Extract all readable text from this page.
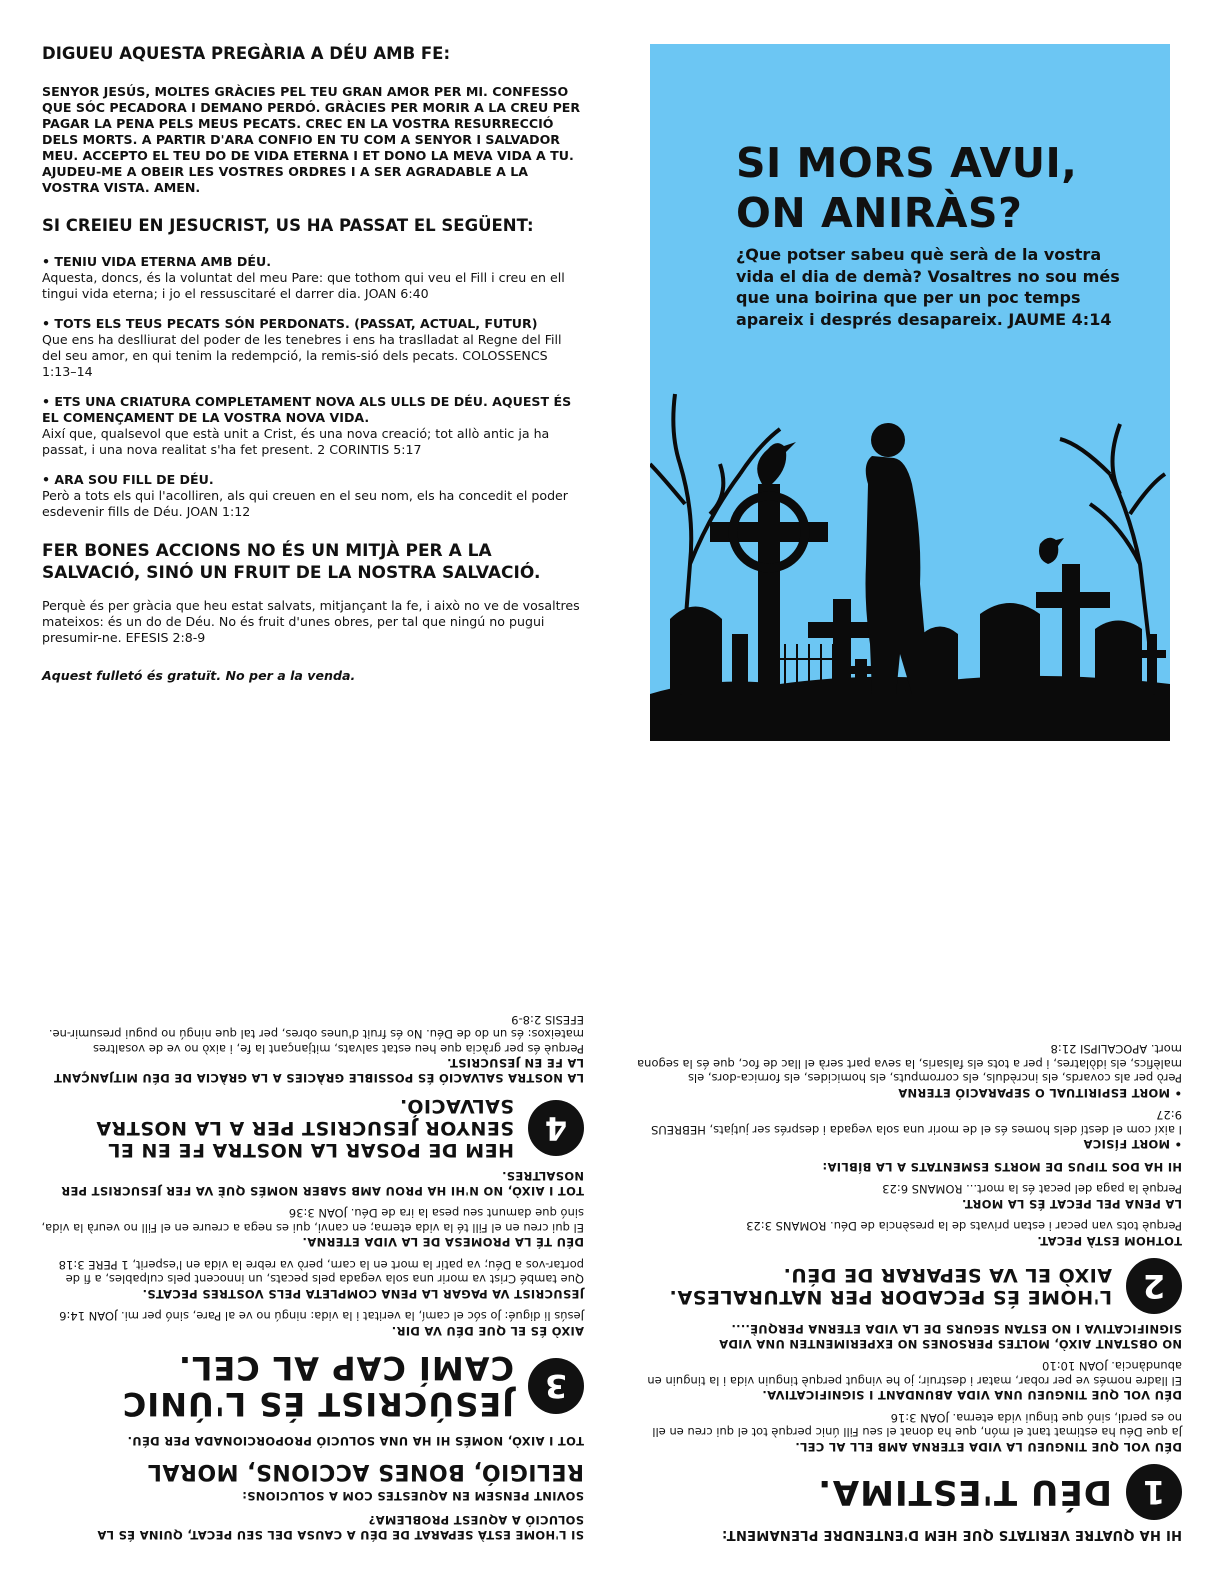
DIGUEU AQUESTA PREGÀRIA A DÉU AMB FE:
SENYOR JESÚS, MOLTES GRÀCIES PEL TEU GRAN AMOR PER MI. CONFESSO QUE SÓC PECADORA I DEMANO PERDÓ. GRÀCIES PER MORIR A LA CREU PER PAGAR LA PENA PELS MEUS PECATS. CREC EN LA VOSTRA RESURRECCIÓ DELS MORTS. A PARTIR D'ARA CONFIO EN TU COM A SENYOR I SALVADOR MEU. ACCEPTO EL TEU DO DE VIDA ETERNA I ET DONO LA MEVA VIDA A TU. AJUDEU-ME A OBEIR LES VOSTRES ORDRES I A SER AGRADABLE A LA VOSTRA VISTA. AMEN.
SI CREIEU EN JESUCRIST, US HA PASSAT EL SEGÜENT:
• TENIU VIDA ETERNA AMB DÉU.
Aquesta, doncs, és la voluntat del meu Pare: que tothom qui veu el Fill i creu en ell tingui vida eterna; i jo el ressuscitaré el darrer dia. JOAN 6:40
• TOTS ELS TEUS PECATS SÓN PERDONATS. (PASSAT, ACTUAL, FUTUR)
Que ens ha deslliurat del poder de les tenebres i ens ha traslladat al Regne del Fill del seu amor, en qui tenim la redempció, la remis-sió dels pecats. COLOSSENCS 1:13–14
• ETS UNA CRIATURA COMPLETAMENT NOVA ALS ULLS DE DÉU. AQUEST ÉS EL COMENÇAMENT DE LA VOSTRA NOVA VIDA.
Així que, qualsevol que està unit a Crist, és una nova creació; tot allò antic ja ha passat, i una nova realitat s'ha fet present. 2 CORINTIS 5:17
• ARA SOU FILL DE DÉU.
Però a tots els qui l'acolliren, als qui creuen en el seu nom, els ha concedit el poder esdevenir fills de Déu. JOAN 1:12
FER BONES ACCIONS NO ÉS UN MITJÀ PER A LA SALVACIÓ, SINÓ UN FRUIT DE LA NOSTRA SALVACIÓ.
Perquè és per gràcia que heu estat salvats, mitjançant la fe, i això no ve de vosaltres mateixos: és un do de Déu. No és fruit d'unes obres, per tal que ningú no pugui presumir-ne. EFESIS 2:8-9
Aquest fulletó és gratuït. No per a la venda.
SI MORS AVUI,
ON ANIRÀS?
¿Que potser sabeu què serà de la vostra vida el dia de demà? Vosaltres no sou més que una boirina que per un poc temps apareix i després desapareix. JAUME 4:14
HI HA QUATRE VERITATS QUE HEM D'ENTENDRE PLENAMENT:
1
DÉU T'ESTIMA.
DÉU VOL QUE TINGUEU LA VIDA ETERNA AMB ELL AL CEL.
Ja que Déu ha estimat tant el món, que ha donat el seu Fill únic perquè tot el qui creu en ell no es perdi, sinó que tingui vida eterna. JOAN 3:16
DÉU VOL QUE TINGUEU UNA VIDA ABUNDANT I SIGNIFICATIVA.
El lladre només ve per robar, matar i destruir; jo he vingut perquè tinguin vida i la tinguin en abundància. JOAN 10:10
NO OBSTANT AIXÒ, MOLTES PERSONES NO EXPERIMENTEN UNA VIDA SIGNIFICATIVA I NO ESTAN SEGURS DE LA VIDA ETERNA PERQUÈ....
2
L'HOME ÉS PECADOR PER NATURALESA. AIXÒ EL VA SEPARAR DE DÉU.
TOTHOM ESTÀ PECAT.
Perquè tots van pecar i estan privats de la presència de Déu. ROMANS 3:23
LA PENA PEL PECAT ÉS LA MORT.
Perquè la paga del pecat és la mort... ROMANS 6:23
HI HA DOS TIPUS DE MORTS ESMENTATS A LA BÍBLIA:
• MORT FÍSICA
I així com el destí dels homes és el de morir una sola vegada i després ser jutjats, HEBREUS 9:27
• MORT ESPIRITUAL O SEPARACIÓ ETERNA
Però per als covards, els incrèduls, els corromputs, els homicides, els fornica-dors, els malèfics, els idòlatres, i per a tots els falsaris, la seva part serà el llac de foc, que és la segona mort. APOCALIPSI 21:8
SI L'HOME ESTÀ SEPARAT DE DÉU A CAUSA DEL SEU PECAT, QUINA ÉS LA SOLUCIÓ A AQUEST PROBLEMA?
SOVINT PENSEM EN AQUESTES COM A SOLUCIONS:
RELIGIÓ, BONES ACCIONS, MORAL
TOT I AIXÒ, NOMÉS HI HA UNA SOLUCIÓ PROPORCIONADA PER DÉU.
3
JESÚCRIST ÉS L'ÚNIC CAMÍ CAP AL CEL.
AIXÒ ÉS EL QUE DÉU VA DIR.
Jesús li digué: Jo sóc el camí, la veritat i la vida: ningú no ve al Pare, sinó per mi. JOAN 14:6
JESUCRIST VA PAGAR LA PENA COMPLETA PELS VOSTRES PECATS.
Que també Crist va morir una sola vegada pels pecats, un innocent pels culpables, a fi de portar-vos a Déu; va patir la mort en la carn, però va rebre la vida en l'esperit, 1 PERE 3:18
DÉU TÉ LA PROMESA DE LA VIDA ETERNA.
El qui creu en el Fill té la vida eterna; en canvi, qui es nega a creure en el Fill no veurà la vida, sinó que damunt seu pesa la ira de Déu. JOAN 3:36
TOT I AIXÒ, NO N'HI HA PROU AMB SABER NOMÉS QUÈ VA FER JESUCRIST PER NOSALTRES.
4
HEM DE POSAR LA NOSTRA FE EN EL SENYOR JESUCRIST PER A LA NOSTRA SALVACIÓ.
LA NOSTRA SALVACIÓ ÉS POSSIBLE GRÀCIES A LA GRÀCIA DE DÉU MITJANÇANT LA FE EN JESUCRIST.
Perquè és per gràcia que heu estat salvats, mitjançant la fe, i això no ve de vosaltres mateixos: és un do de Déu. No és fruit d'unes obres, per tal que ningú no pugui presumir-ne. EFESIS 2:8-9
